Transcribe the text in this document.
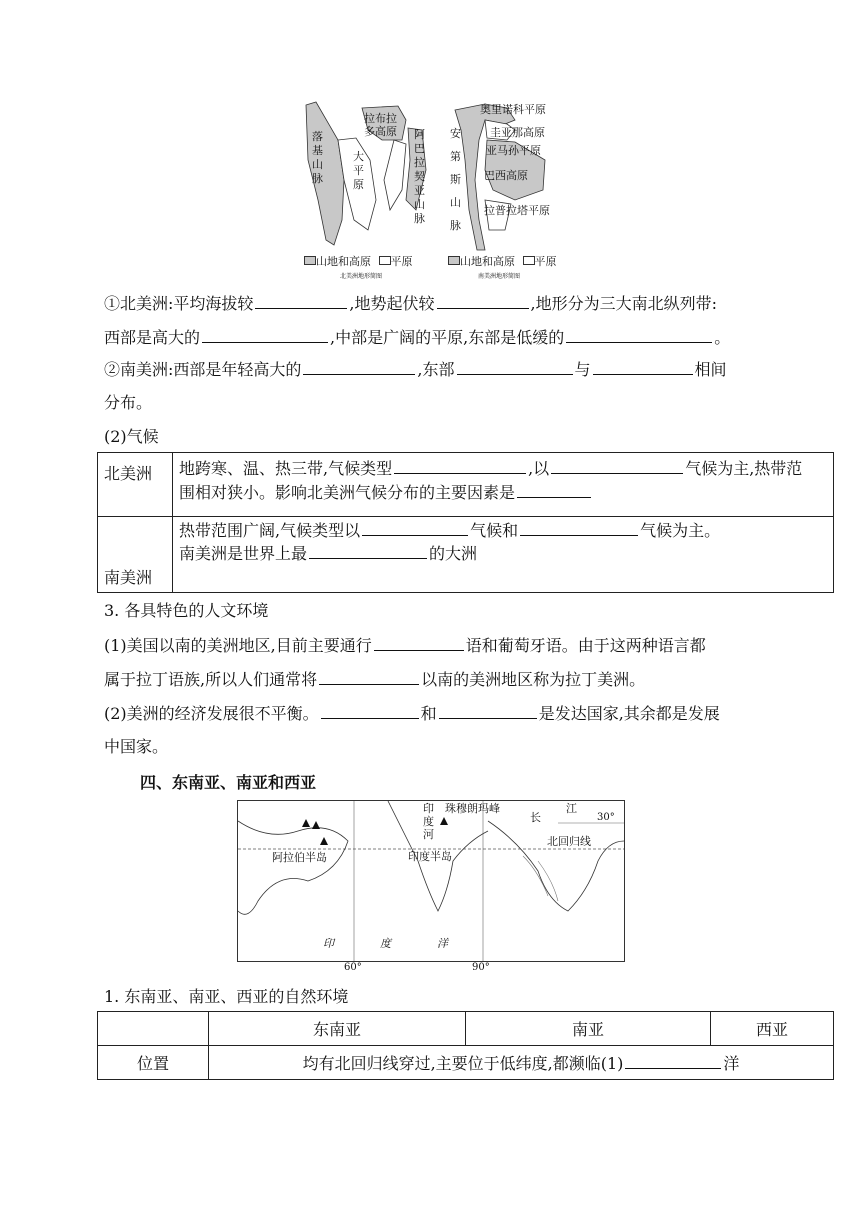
落基山脉
大平原
拉布拉多高原	阿巴拉契亚山脉
山地和高原 平原
北美洲地形简图
奥里诺科平原
圭亚那高原
亚马孙平原
巴西高原
拉普拉塔平原
安第斯山脉
山地和高原 平原
南美洲地形简图
①北美洲:平均海拔较	,地势起伏较	,地形分为三大南北纵列带:
西部是高大的	,中部是广阔的平原,东部是低缓的	。
②南美洲:西部是年轻高大的	,东部	与	相间
分布。
(2)气候
北美洲	地跨寒、温、热三带,气候类型 ,以 气候为主,热带范
围相对狭小。影响北美洲气候分布的主要因素是
南美洲	热带范围广阔,气候类型以 气候和 气候为主。
南美洲是世界上最 的大洲
3. 各具特色的人文环境
(1)美国以南的美洲地区,目前主要通行	语和葡萄牙语。由于这两种语言都
属于拉丁语族,所以人们通常将	以南的美洲地区称为拉丁美洲。
(2)美洲的经济发展很不平衡。	和	是发达国家,其余都是发展
中国家。
四、东南亚、南亚和西亚
印
度
河
珠穆朗玛峰
长
江
30°
北回归线
阿拉伯半岛	印度半岛
印	度	洋
60°	90°
1. 东南亚、南亚、西亚的自然环境
	东南亚	南亚	西亚
位置	均有北回归线穿过,主要位于低纬度,都濒临(1) 洋		
